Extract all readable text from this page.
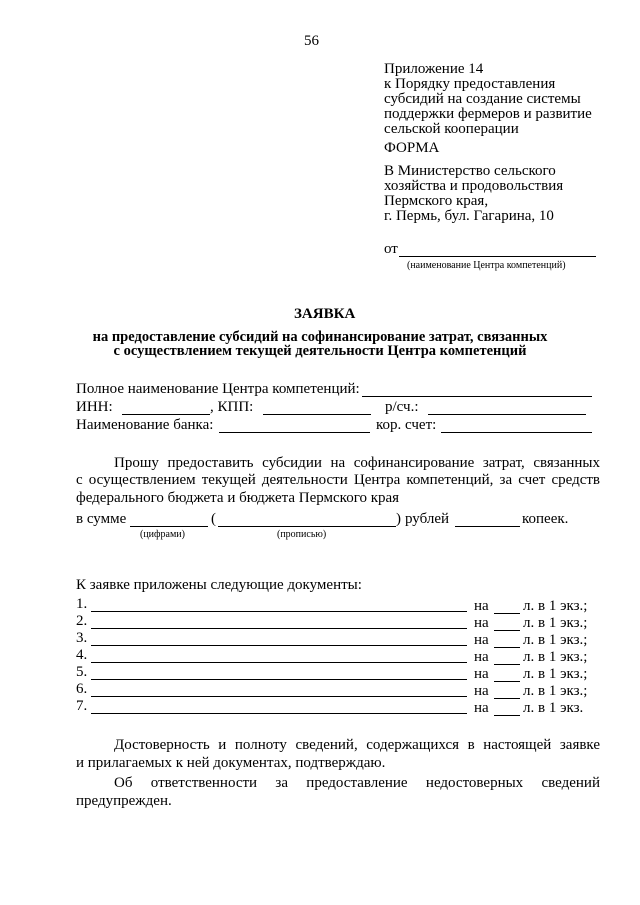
56
Приложение 14
к Порядку предоставления
субсидий на создание системы
поддержки фермеров и развитие
сельской кооперации
ФОРМА
В Министерство сельского
хозяйства и продовольствия
Пермского края,
г. Пермь, бул. Гагарина, 10
от
(наименование Центра компетенций)
ЗАЯВКА
на предоставление субсидий на софинансирование затрат, связанных
с осуществлением текущей деятельности Центра компетенций
Полное наименование Центра компетенций:
ИНН:	, КПП:	р/сч.:
Наименование банка:	кор. счет:
Прошу предоставить субсидии на софинансирование затрат, связанных
с осуществлением текущей деятельности Центра компетенций, за счет средств
федерального бюджета и бюджета Пермского края
в сумме	(	) рублей	копеек.
(цифрами)	(прописью)
К заявке приложены следующие документы:
1.	на л. в 1 экз.;
2.	на л. в 1 экз.;
3.	на л. в 1 экз.;
4.	на л. в 1 экз.;
5.	на л. в 1 экз.;
6.	на л. в 1 экз.;
7.	на л. в 1 экз.
Достоверность и полноту сведений, содержащихся в настоящей заявке
и прилагаемых к ней документах, подтверждаю.
Об ответственности за предоставление недостоверных сведений
предупрежден.
